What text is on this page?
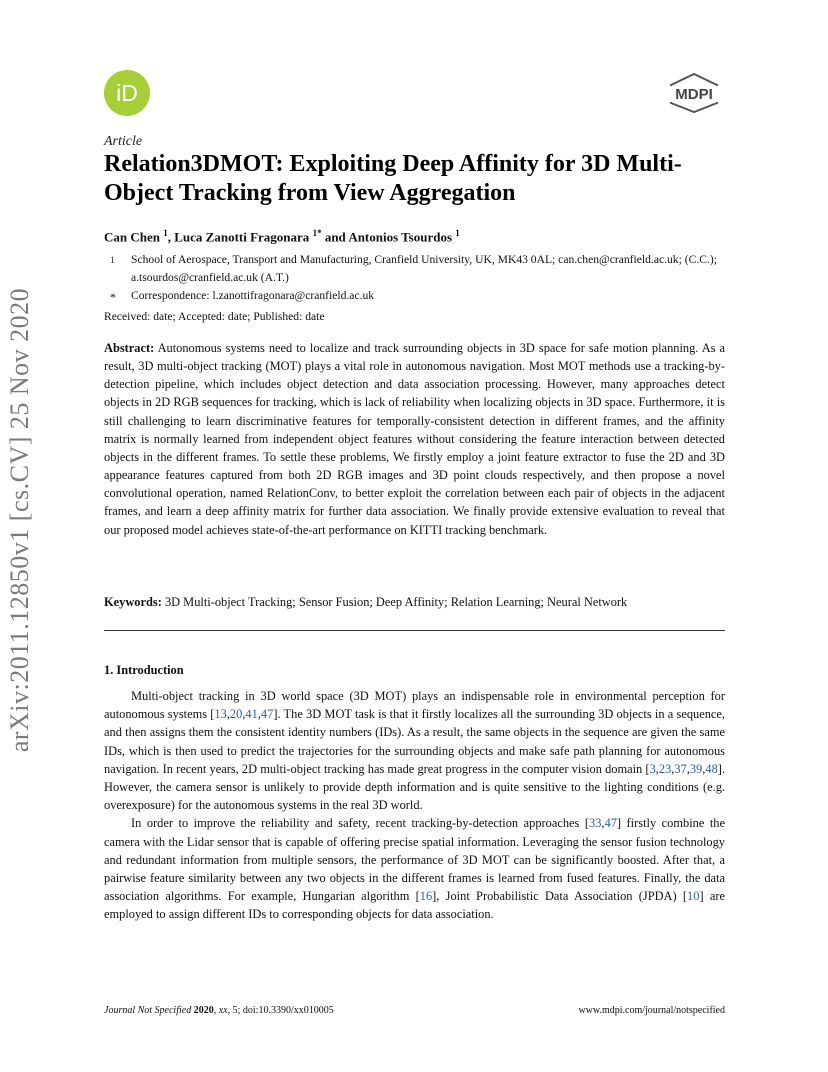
arXiv:2011.12850v1 [cs.CV] 25 Nov 2020
iD	MDPI
Article
Relation3DMOT: Exploiting Deep Affinity for 3D Multi-Object Tracking from View Aggregation
Can Chen $^1$, Luca Zanotti Fragonara $^{1*}$ and Antonios Tsourdos $^1$
1 School of Aerospace, Transport and Manufacturing, Cranfield University, UK, MK43 0AL; can.chen@cranfield.ac.uk; (C.C.); a.tsourdos@cranfield.ac.uk (A.T.)
* Correspondence: l.zanottifragonara@cranfield.ac.uk
Received: date; Accepted: date; Published: date
Abstract: Autonomous systems need to localize and track surrounding objects in 3D space for safe motion planning. As a result, 3D multi-object tracking (MOT) plays a vital role in autonomous navigation. Most MOT methods use a tracking-by-detection pipeline, which includes object detection and data association processing. However, many approaches detect objects in 2D RGB sequences for tracking, which is lack of reliability when localizing objects in 3D space. Furthermore, it is still challenging to learn discriminative features for temporally-consistent detection in different frames, and the affinity matrix is normally learned from independent object features without considering the feature interaction between detected objects in the different frames. To settle these problems, We firstly employ a joint feature extractor to fuse the 2D and 3D appearance features captured from both 2D RGB images and 3D point clouds respectively, and then propose a novel convolutional operation, named RelationConv, to better exploit the correlation between each pair of objects in the adjacent frames, and learn a deep affinity matrix for further data association. We finally provide extensive evaluation to reveal that our proposed model achieves state-of-the-art performance on KITTI tracking benchmark.
Keywords: 3D Multi-object Tracking; Sensor Fusion; Deep Affinity; Relation Learning; Neural Network
1. Introduction

Multi-object tracking in 3D world space (3D MOT) plays an indispensable role in environmental perception for autonomous systems [13,20,41,47]. The 3D MOT task is that it firstly localizes all the surrounding 3D objects in a sequence, and then assigns them the consistent identity numbers (IDs). As a result, the same objects in the sequence are given the same IDs, which is then used to predict the trajectories for the surrounding objects and make safe path planning for autonomous navigation. In recent years, 2D multi-object tracking has made great progress in the computer vision domain [3,23,37,39,48]. However, the camera sensor is unlikely to provide depth information and is quite sensitive to the lighting conditions (e.g. overexposure) for the autonomous systems in the real 3D world.

In order to improve the reliability and safety, recent tracking-by-detection approaches [33,47] firstly combine the camera with the Lidar sensor that is capable of offering precise spatial information. Leveraging the sensor fusion technology and redundant information from multiple sensors, the performance of 3D MOT can be significantly boosted. After that, a pairwise feature similarity between any two objects in the different frames is learned from fused features. Finally, the data association algorithms. For example, Hungarian algorithm [16], Joint Probabilistic Data Association (JPDA) [10] are employed to assign different IDs to corresponding objects for data association.

Journal Not Specified 2020, xx, 5; doi:10.3390/xx010005	www.mdpi.com/journal/notspecified
